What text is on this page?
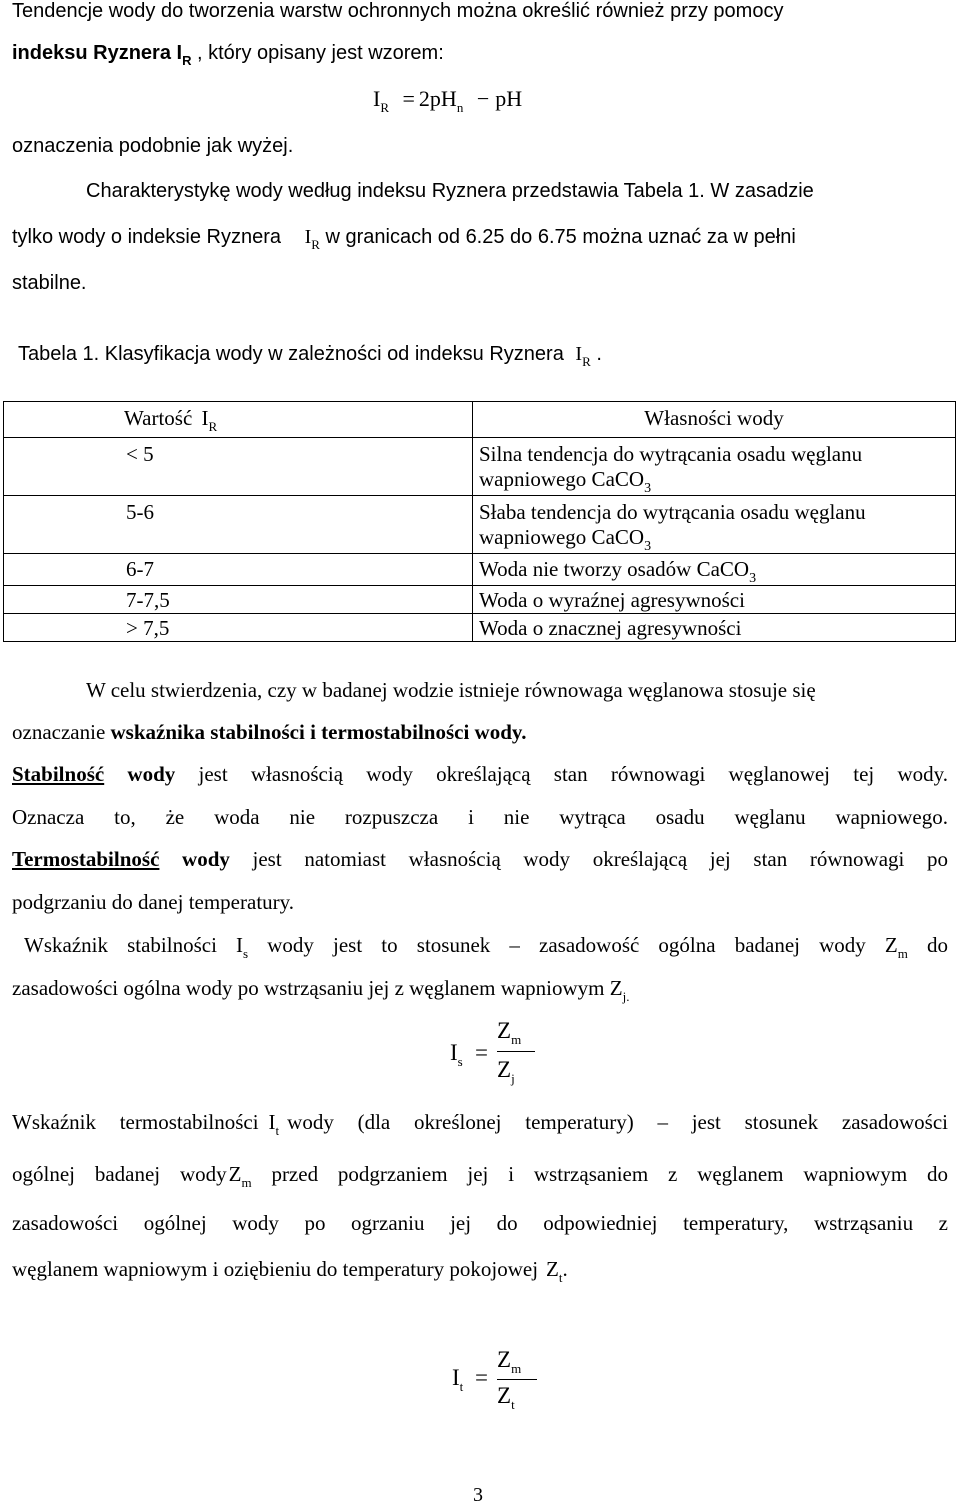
Tendencje wody do tworzenia warstw ochronnych można określić również przy pomocy
indeksu Ryznera $I_R$ , który opisany jest wzorem:
$I_R = 2pH_n$ − pH
oznaczenia podobnie jak wyżej.
Charakterystykę wody według indeksu Ryznera przedstawia Tabela 1. W zasadzie
tylko wody o indeksie Ryznera $I_R$ w granicach od 6.25 do 6.75 można uznać za w pełni
stabilne.
Tabela 1. Klasyfikacja wody w zależności od indeksu Ryznera $I_R$ .
Wartość $I_R$	Własności wody
< 5	Silna tendencja do wytrącania osadu węglanu
wapniowego CaCO$_3$

5-6	Słaba tendencja do wytrącania osadu węglanu
wapniowego CaCO$_3$

6-7	Woda nie tworzy osadów CaCO$_3$
7-7,5	Woda o wyraźnej agresywności
> 7,5	Woda o znacznej agresywności
W celu stwierdzenia, czy w badanej wodzie istnieje równowaga węglanowa stosuje się
oznaczanie wskaźnika stabilności i termostabilności wody.
Stabilność wody jest własnością wody określającą stan równowagi węglanowej tej wody.
Oznacza to, że woda nie rozpuszcza i nie wytrąca osadu węglanu wapniowego.
Termostabilność wody jest natomiast własnością wody określającą jej stan równowagi po
podgrzaniu do danej temperatury.
Wskaźnik stabilności $I_s$ wody jest to stosunek – zasadowość ogólna badanej wody $Z_m$ do
zasadowości ogólna wody po wstrząsaniu jej z węglanem wapniowym $Z_{j.}$
$I_s$ =
$Z_m$
$Z_j$
Wskaźnik termostabilności $I_t$ wody (dla określonej temperatury) – jest stosunek zasadowości
ogólnej badanej wodyZ$_m$ przed podgrzaniem jej i wstrząsaniem z węglanem wapniowym do
zasadowości ogólnej wody po ogrzaniu jej do odpowiedniej temperatury, wstrząsaniu z
węglanem wapniowym i oziębieniu do temperatury pokojowej $Z_t$.
$I_t$ =
$Z_m$
$Z_t$
3
